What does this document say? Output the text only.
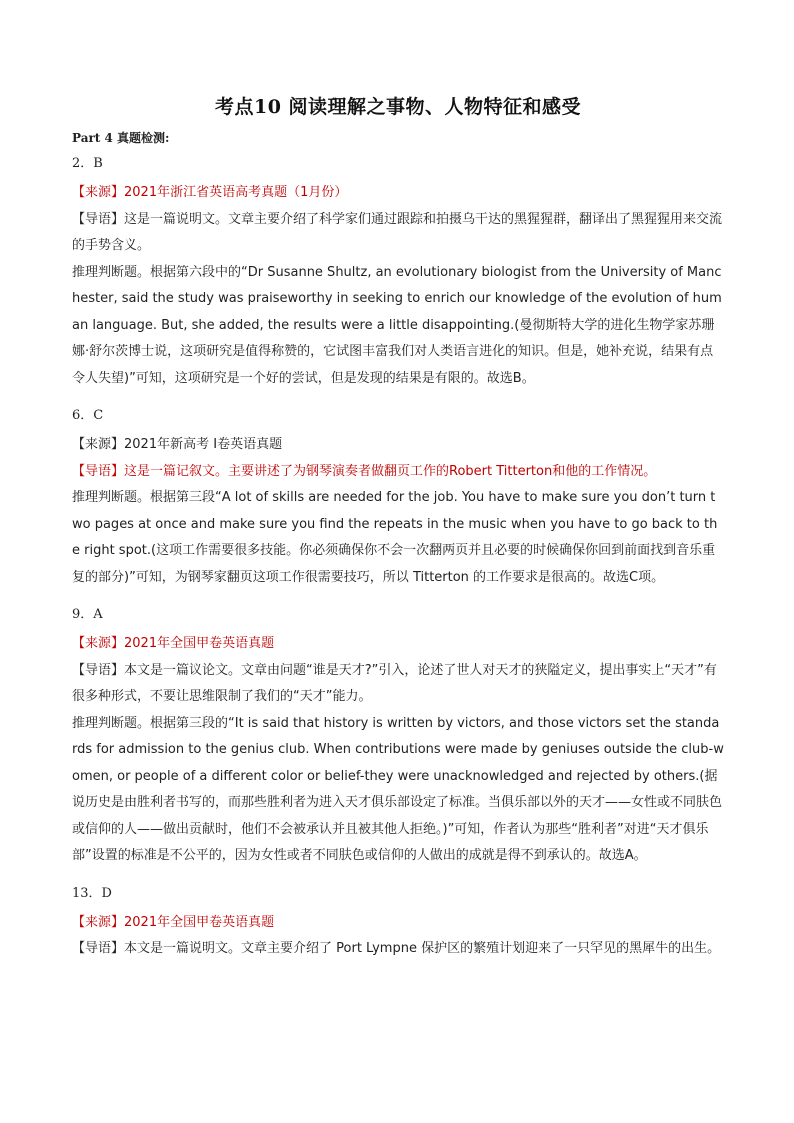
考点10 阅读理解之事物、人物特征和感受
Part 4 真题检测:
2．B

【来源】2021年浙江省英语高考真题（1月份）

【导语】这是一篇说明文。文章主要介绍了科学家们通过跟踪和拍摄乌干达的黑猩猩群，翻译出了黑猩猩用来交流的手势含义。

推理判断题。根据第六段中的“Dr Susanne Shultz, an evolutionary biologist from the University of Manchester, said the study was praiseworthy in seeking to enrich our knowledge of the evolution of human language. But, she added, the results were a little disappointing.(曼彻斯特大学的进化生物学家苏珊娜·舒尔茨博士说，这项研究是值得称赞的，它试图丰富我们对人类语言进化的知识。但是，她补充说，结果有点令人失望)”可知，这项研究是一个好的尝试，但是发现的结果是有限的。故选B。

6．C

【来源】2021年新高考 I卷英语真题

【导语】这是一篇记叙文。主要讲述了为钢琴演奏者做翻页工作的Robert Titterton和他的工作情况。

推理判断题。根据第三段“A lot of skills are needed for the job. You have to make sure you don’t turn two pages at once and make sure you find the repeats in the music when you have to go back to the right spot.(这项工作需要很多技能。你必须确保你不会一次翻两页并且必要的时候确保你回到前面找到音乐重复的部分)”可知，为钢琴家翻页这项工作很需要技巧，所以 Titterton 的工作要求是很高的。故选C项。

9．A

【来源】2021年全国甲卷英语真题

【导语】本文是一篇议论文。文章由问题“谁是天才?”引入，论述了世人对天才的狭隘定义，提出事实上“天才”有很多种形式，不要让思维限制了我们的“天才”能力。

推理判断题。根据第三段的“It is said that history is written by victors, and those victors set the standards for admission to the genius club. When contributions were made by geniuses outside the club-women, or people of a different color or belief-they were unacknowledged and rejected by others.(据说历史是由胜利者书写的，而那些胜利者为进入天才俱乐部设定了标准。当俱乐部以外的天才——女性或不同肤色或信仰的人——做出贡献时，他们不会被承认并且被其他人拒绝。)”可知，作者认为那些“胜利者”对进“天才俱乐部”设置的标准是不公平的，因为女性或者不同肤色或信仰的人做出的成就是得不到承认的。故选A。

13．D

【来源】2021年全国甲卷英语真题

【导语】本文是一篇说明文。文章主要介绍了 Port Lympne 保护区的繁殖计划迎来了一只罕见的黑犀牛的出生。
